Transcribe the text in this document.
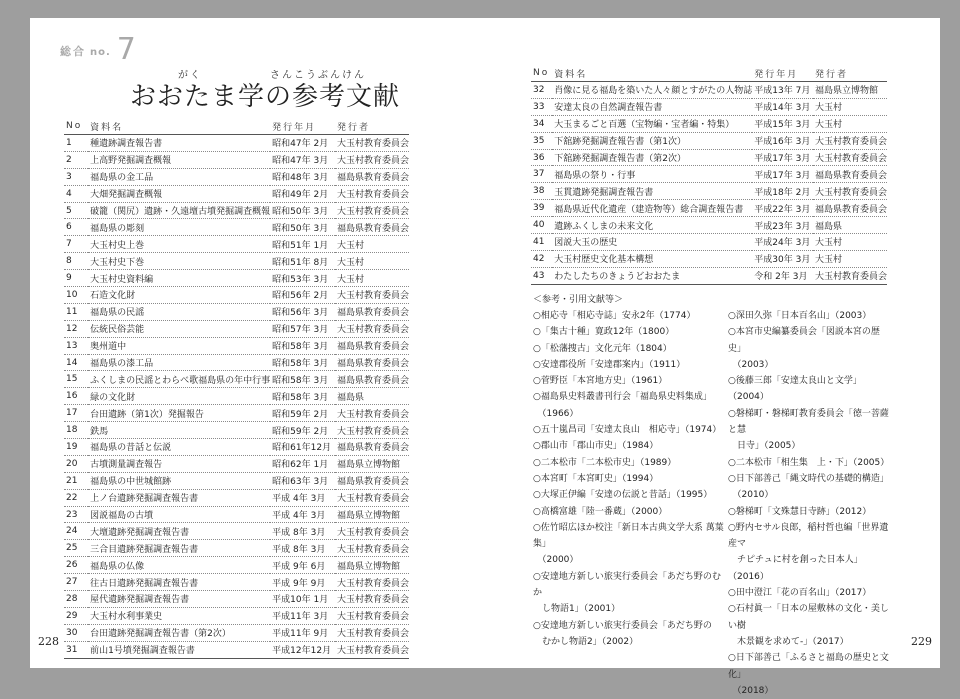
総合 no. 7
がく	さんこうぶんけん
おおたま学の参考文献
No	資料名	発行年月	発行者
1	種遺跡調査報告書	昭和47年 2月	大玉村教育委員会
2	上高野発掘調査概報	昭和47年 3月	大玉村教育委員会
3	福島県の金工品	昭和48年 3月	福島県教育委員会
4	大畑発掘調査概報	昭和49年 2月	大玉村教育委員会
5	破籠（関尻）遺跡・久遠壇古墳発掘調査概報	昭和50年 3月	大玉村教育委員会
6	福島県の彫刻	昭和50年 3月	福島県教育委員会
7	大玉村史上巻	昭和51年 1月	大玉村
8	大玉村史下巻	昭和51年 8月	大玉村
9	大玉村史資料編	昭和53年 3月	大玉村
10	石造文化財	昭和56年 2月	大玉村教育委員会
11	福島県の民謡	昭和56年 3月	福島県教育委員会
12	伝統民俗芸能	昭和57年 3月	大玉村教育委員会
13	奥州道中	昭和58年 3月	福島県教育委員会
14	福島県の漆工品	昭和58年 3月	福島県教育委員会
15	ふくしまの民謡とわらべ歌福島県の年中行事	昭和58年 3月	福島県教育委員会
16	緑の文化財	昭和58年 3月	福島県
17	台田遺跡（第1次）発掘報告	昭和59年 2月	大玉村教育委員会
18	鉄馬	昭和59年 2月	大玉村教育委員会
19	福島県の昔話と伝説	昭和61年12月	福島県教育委員会
20	古墳測量調査報告	昭和62年 1月	福島県立博物館
21	福島県の中世城館跡	昭和63年 3月	福島県教育委員会
22	上ノ台遺跡発掘調査報告書	平成 4年 3月	大玉村教育委員会
23	図説福島の古墳	平成 4年 3月	福島県立博物館
24	大壇遺跡発掘調査報告書	平成 8年 3月	大玉村教育委員会
25	三合目遺跡発掘調査報告書	平成 8年 3月	大玉村教育委員会
26	福島県の仏像	平成 9年 6月	福島県立博物館
27	往古日遺跡発掘調査報告書	平成 9年 9月	大玉村教育委員会
28	屋代遺跡発掘調査報告書	平成10年 1月	大玉村教育委員会
29	大玉村水利事業史	平成11年 3月	大玉村教育委員会
30	台田遺跡発掘調査報告書（第2次）	平成11年 9月	大玉村教育委員会
31	前山1号墳発掘調査報告書	平成12年12月	大玉村教育委員会
228
No	資料名	発行年月	発行者
32	肖像に見る福島を築いた人々顔とすがたの人物誌	平成13年 7月	福島県立博物館
33	安達太良の自然調査報告書	平成14年 3月	大玉村
34	大玉まるごと百選（宝物編・宝者編・特集）	平成15年 3月	大玉村
35	下舘跡発掘調査報告書（第1次）	平成16年 3月	大玉村教育委員会
36	下舘跡発掘調査報告書（第2次）	平成17年 3月	大玉村教育委員会
37	福島県の祭り・行事	平成17年 3月	福島県教育委員会
38	玉貫遺跡発掘調査報告書	平成18年 2月	大玉村教育委員会
39	福島県近代化遺産（建造物等）総合調査報告書	平成22年 3月	福島県教育委員会
40	遺跡ふくしまの未来文化	平成23年 3月	福島県
41	図説大玉の歴史	平成24年 3月	大玉村
42	大玉村歴史文化基本構想	平成30年 3月	大玉村
43	わたしたちのきょうどおおたま	令和 2年 3月	大玉村教育委員会
＜参考・引用文献等＞
○相応寺「相応寺誌」安永2年（1774）
○「集古十種」寛政12年（1800）
○「松藩捜古」文化元年（1804）
○安達郡役所「安達郡案内」（1911）
○菅野臣「本宮地方史」（1961）
○福島県史料叢書刊行会「福島県史料集成」
　（1966）
○五十嵐昌司「安達太良山　相応寺」（1974）
○郡山市「郡山市史」（1984）
○二本松市「二本松市史」（1989）
○本宮町「本宮町史」（1994）
○大塚正伊編「安達の伝説と昔話」（1995）
○高橋富雄「陸一番蔵」（2000）
○佐竹昭広ほか校注「新日本古典文学大系 萬葉集」
　（2000）
○安達地方新しい旅実行委員会「あだち野のむか
　し物語1」（2001）
○安達地方新しい旅実行委員会「あだち野の
　むかし物語2」（2002）
○深田久弥「日本百名山」（2003）
○本宮市史編纂委員会「図説本宮の歴史」
　（2003）
○後藤三郎「安達太良山と文学」（2004）
○磐梯町・磐梯町教育委員会「徳一菩薩と慧
　日寺」（2005）
○二本松市「相生集　上・下」（2005）
○日下部善己「縄文時代の基礎的構造」
　（2010）
○磐梯町「文殊慧日寺跡」（2012）
○野内セサル良郎，稲村哲也編「世界遺産マ
　チピチュに村を創った日本人」（2016）
○田中澄江「花の百名山」（2017）
○石村眞一「日本の屋敷林の文化・美しい樹
　木景観を求めて-」（2017）
○日下部善己「ふるさと福島の歴史と文化」
　（2018）
229
